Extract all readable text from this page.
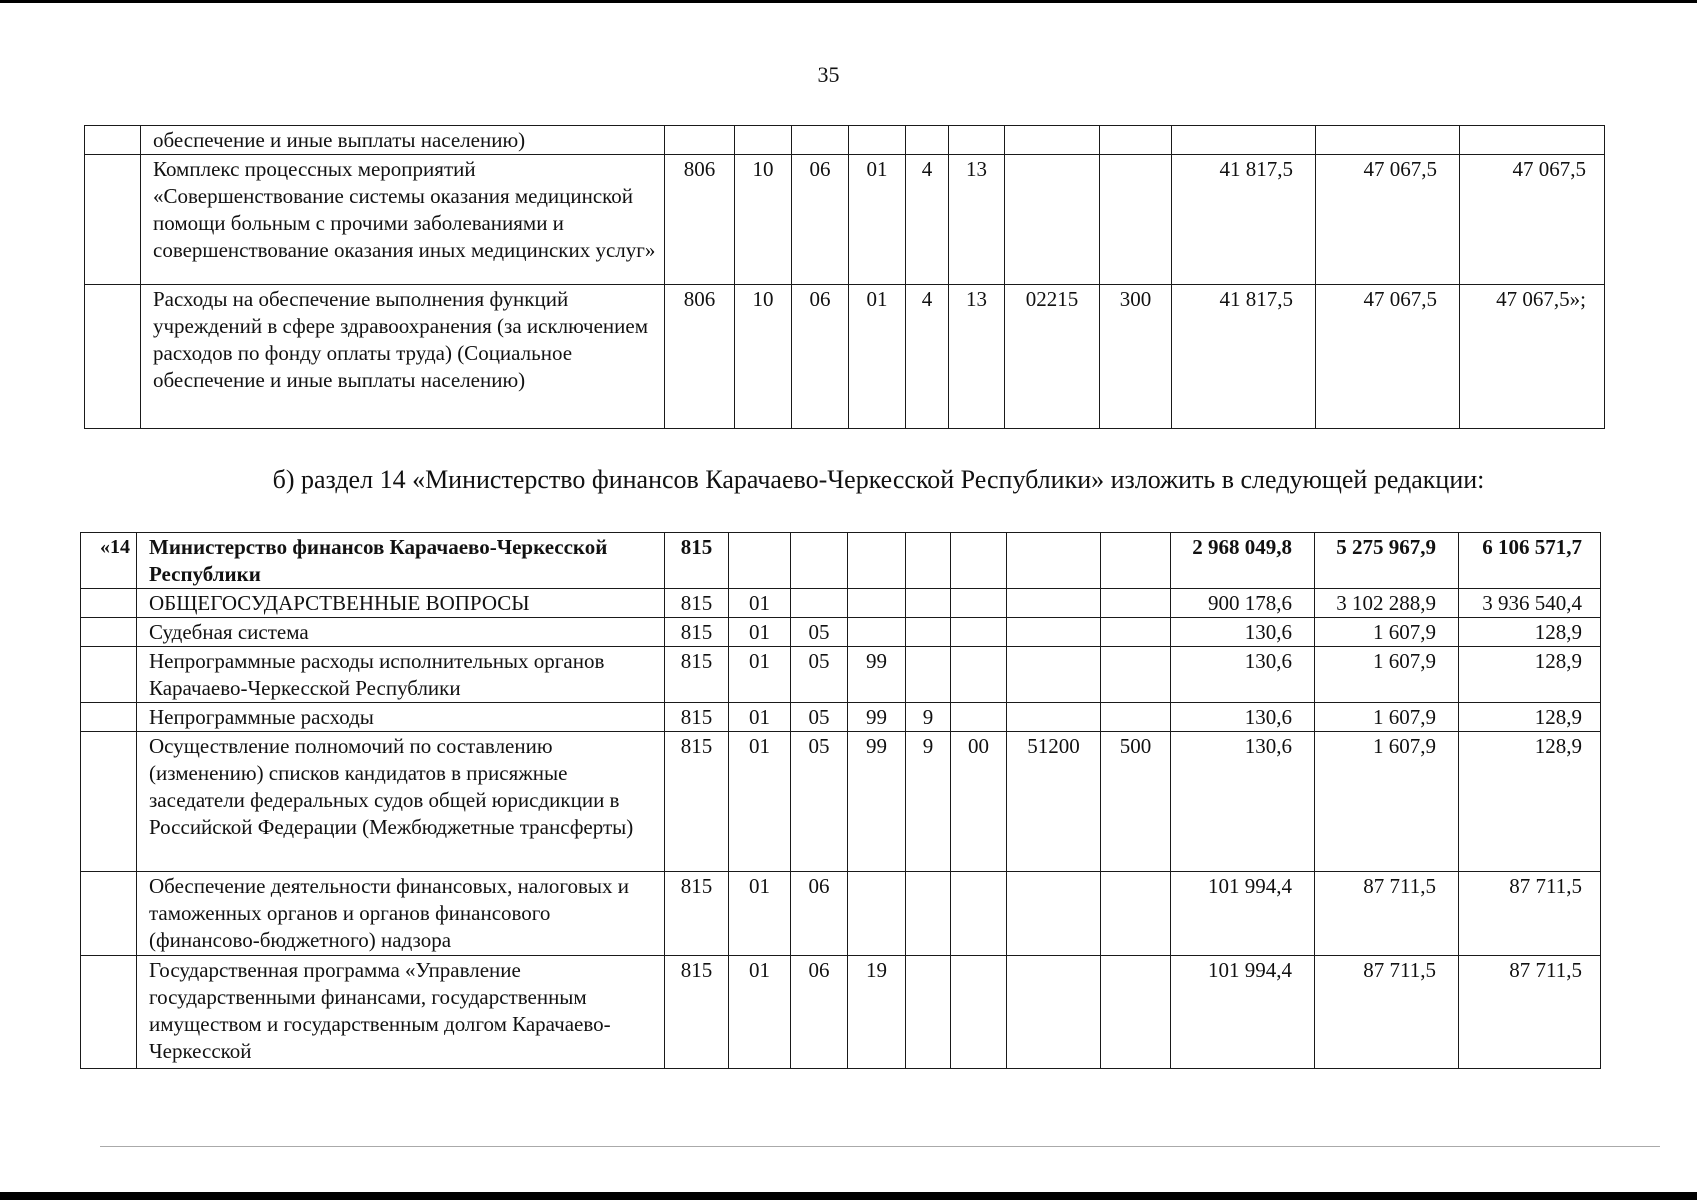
35
	обеспечение и иные выплаты населению)											
	Комплекс процессных мероприятий «Совершенствование системы оказания медицинской помощи больным с прочими заболеваниями и совершенствование оказания иных медицинских услуг»	806	10	06	01	4	13			41 817,5	47 067,5	47 067,5
	Расходы на обеспечение выполнения функций учреждений в сфере здравоохранения (за исключением расходов по фонду оплаты труда) (Социальное обеспечение и иные выплаты населению)	806	10	06	01	4	13	02215	300	41 817,5	47 067,5	47 067,5»;
б) раздел 14 «Министерство финансов Карачаево-Черкесской Республики» изложить в следующей редакции:
«14	Министерство финансов Карачаево-Черкесской Республики	815								2 968 049,8	5 275 967,9	6 106 571,7
	ОБЩЕГОСУДАРСТВЕННЫЕ ВОПРОСЫ	815	01							900 178,6	3 102 288,9	3 936 540,4
	Судебная система	815	01	05						130,6	1 607,9	128,9
	Непрограммные расходы исполнительных органов Карачаево-Черкесской Республики	815	01	05	99					130,6	1 607,9	128,9
	Непрограммные расходы	815	01	05	99	9				130,6	1 607,9	128,9
	Осуществление полномочий по составлению (изменению) списков кандидатов в присяжные заседатели федеральных судов общей юрисдикции в Российской Федерации (Межбюджетные трансферты)	815	01	05	99	9	00	51200	500	130,6	1 607,9	128,9
	Обеспечение деятельности финансовых, налоговых и таможенных органов и органов финансового (финансово-бюджетного) надзора	815	01	06						101 994,4	87 711,5	87 711,5
	Государственная программа «Управление государственными финансами, государственным имуществом и государственным долгом Карачаево-Черкесской	815	01	06	19					101 994,4	87 711,5	87 711,5
